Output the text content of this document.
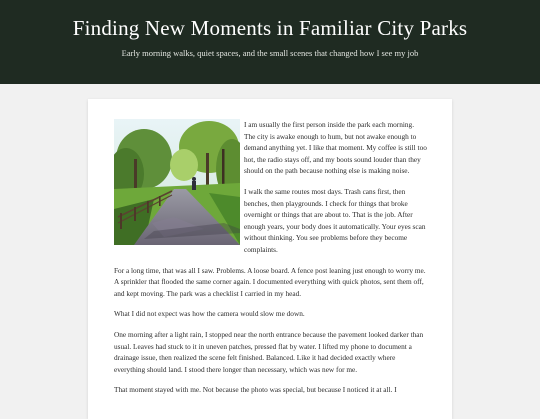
Finding New Moments in Familiar City Parks

Early morning walks, quiet spaces, and the small scenes that changed how I see my job

I am usually the first person inside the park each morning. The city is awake enough to hum, but not awake enough to demand anything yet. I like that moment. My coffee is still too hot, the radio stays off, and my boots sound louder than they should on the path because nothing else is making noise.

I walk the same routes most days. Trash cans first, then benches, then playgrounds. I check for things that broke overnight or things that are about to. That is the job. After enough years, your body does it automatically. Your eyes scan without thinking. You see problems before they become complaints.

For a long time, that was all I saw. Problems. A loose board. A fence post leaning just enough to worry me. A sprinkler that flooded the same corner again. I documented everything with quick photos, sent them off, and kept moving. The park was a checklist I carried in my head.

What I did not expect was how the camera would slow me down.

One morning after a light rain, I stopped near the north entrance because the pavement looked darker than usual. Leaves had stuck to it in uneven patches, pressed flat by water. I lifted my phone to document a drainage issue, then realized the scene felt finished. Balanced. Like it had decided exactly where everything should land. I stood there longer than necessary, which was new for me.

That moment stayed with me. Not because the photo was special, but because I noticed it at all. I
